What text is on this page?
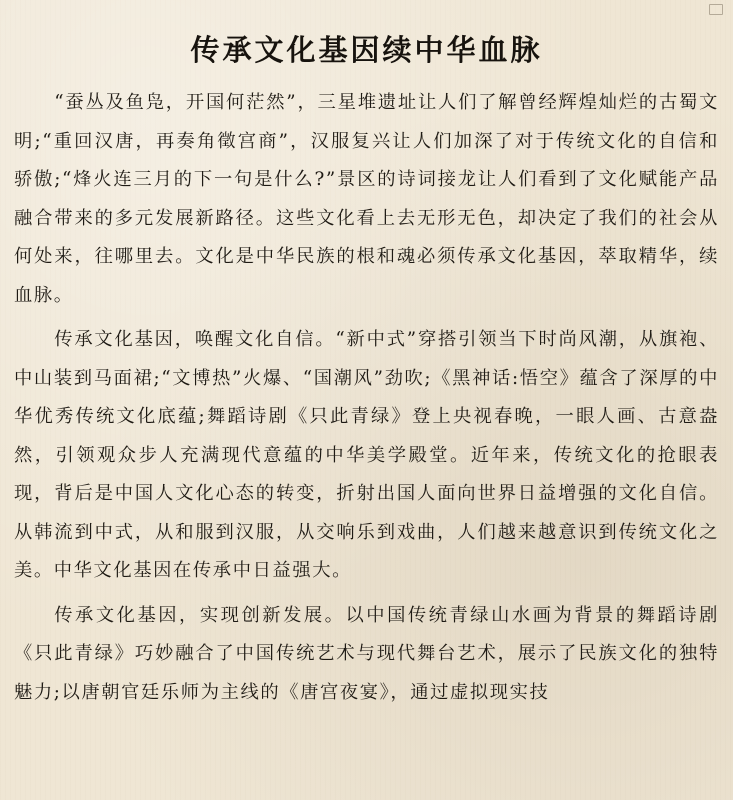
传承文化基因续中华血脉

“蚕丛及鱼凫，开国何茫然”，三星堆遗址让人们了解曾经辉煌灿烂的古蜀文明;“重回汉唐，再奏角徵宫商”，汉服复兴让人们加深了对于传统文化的自信和骄傲;“烽火连三月的下一句是什么?”景区的诗词接龙让人们看到了文化赋能产品融合带来的多元发展新路径。这些文化看上去无形无色，却决定了我们的社会从何处来，往哪里去。文化是中华民族的根和魂必须传承文化基因，萃取精华，续血脉。

传承文化基因，唤醒文化自信。“新中式”穿搭引领当下时尚风潮，从旗袍、中山装到马面裙;“文博热”火爆、“国潮风”劲吹;《黑神话:悟空》蕴含了深厚的中华优秀传统文化底蕴;舞蹈诗剧《只此青绿》登上央视春晚，一眼人画、古意盎然，引领观众步人充满现代意蕴的中华美学殿堂。近年来，传统文化的抢眼表现，背后是中国人文化心态的转变，折射出国人面向世界日益增强的文化自信。从韩流到中式，从和服到汉服，从交响乐到戏曲，人们越来越意识到传统文化之美。中华文化基因在传承中日益强大。

传承文化基因，实现创新发展。以中国传统青绿山水画为背景的舞蹈诗剧《只此青绿》巧妙融合了中国传统艺术与现代舞台艺术，展示了民族文化的独特魅力;以唐朝官廷乐师为主线的《唐宫夜宴》，通过虚拟现实技
